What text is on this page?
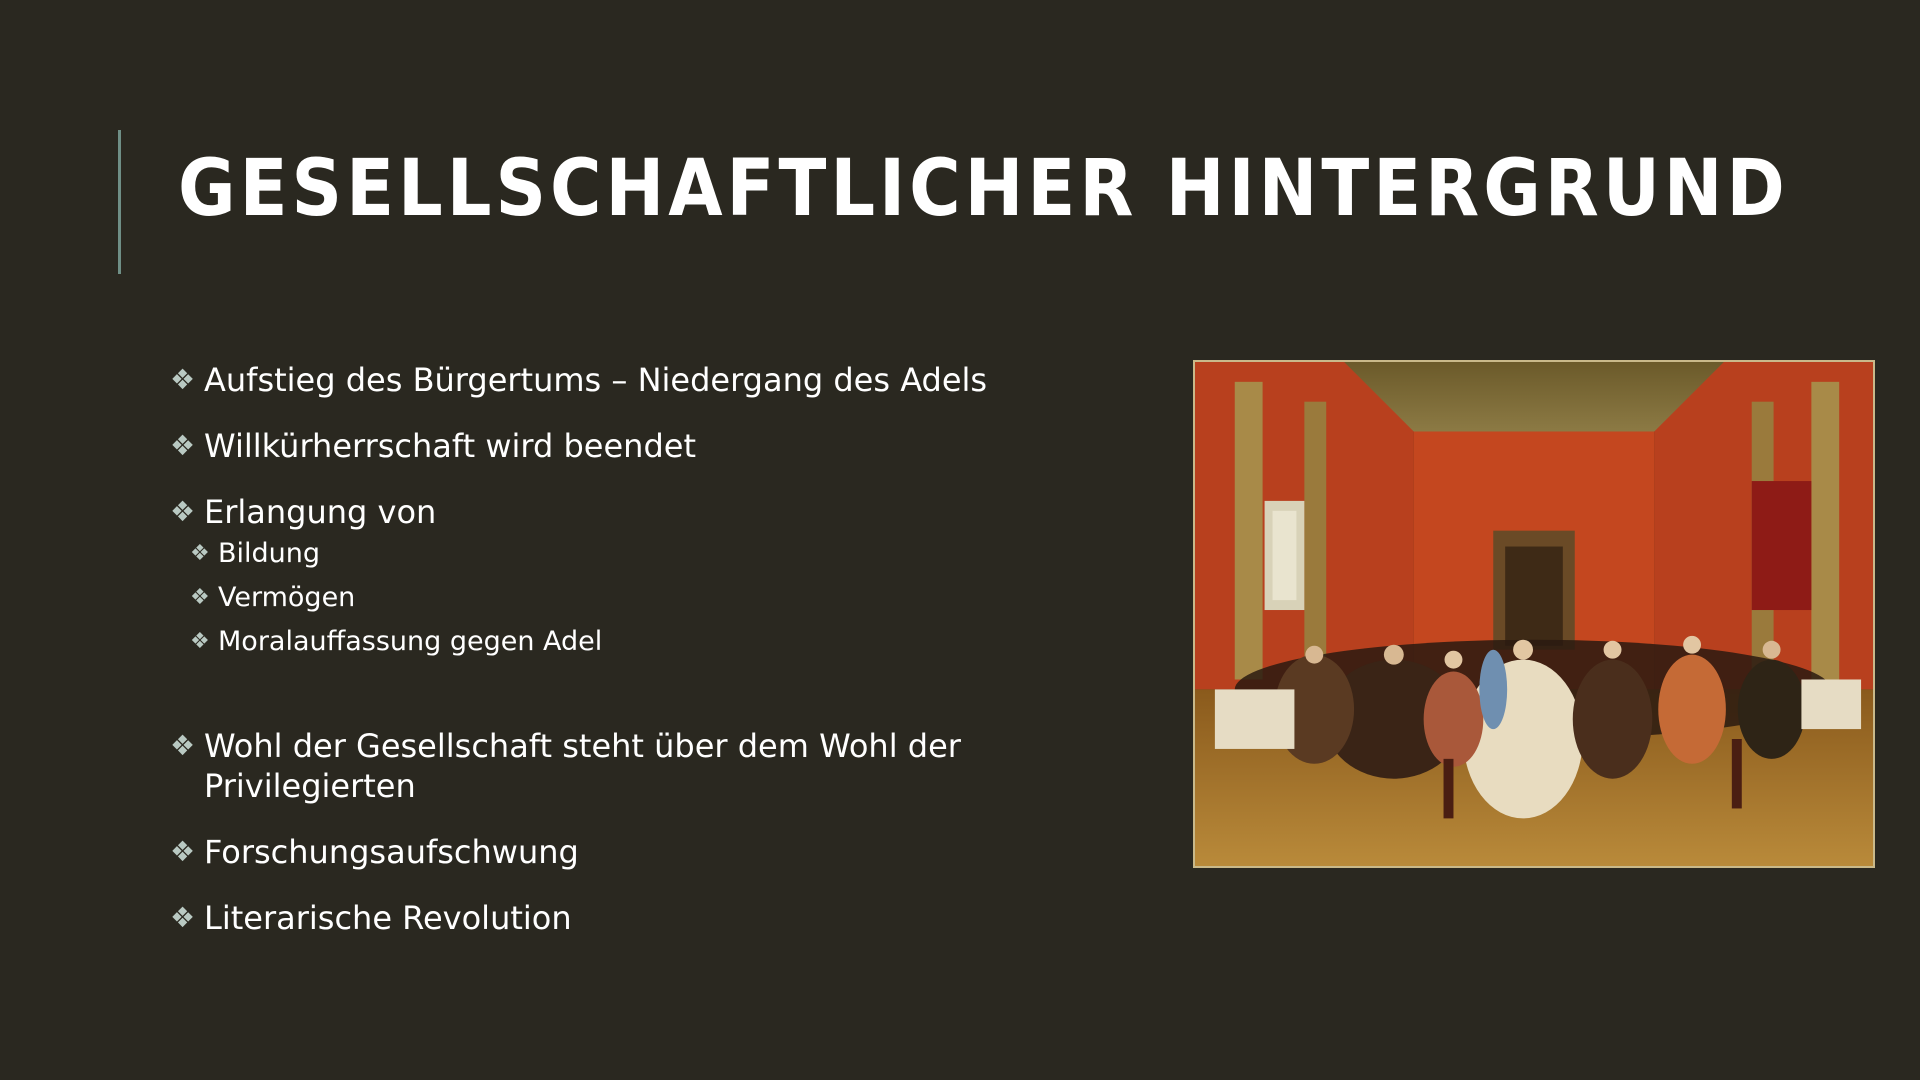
GESELLSCHAFTLICHER HINTERGRUND
❖ Aufstieg des Bürgertums – Niedergang des Adels
❖ Willkürherrschaft wird beendet
❖ Erlangung von
❖ Bildung
❖ Vermögen
❖ Moralauffassung gegen Adel
❖ Wohl der Gesellschaft steht über dem Wohl der Privilegierten
❖ Forschungsaufschwung
❖ Literarische Revolution
